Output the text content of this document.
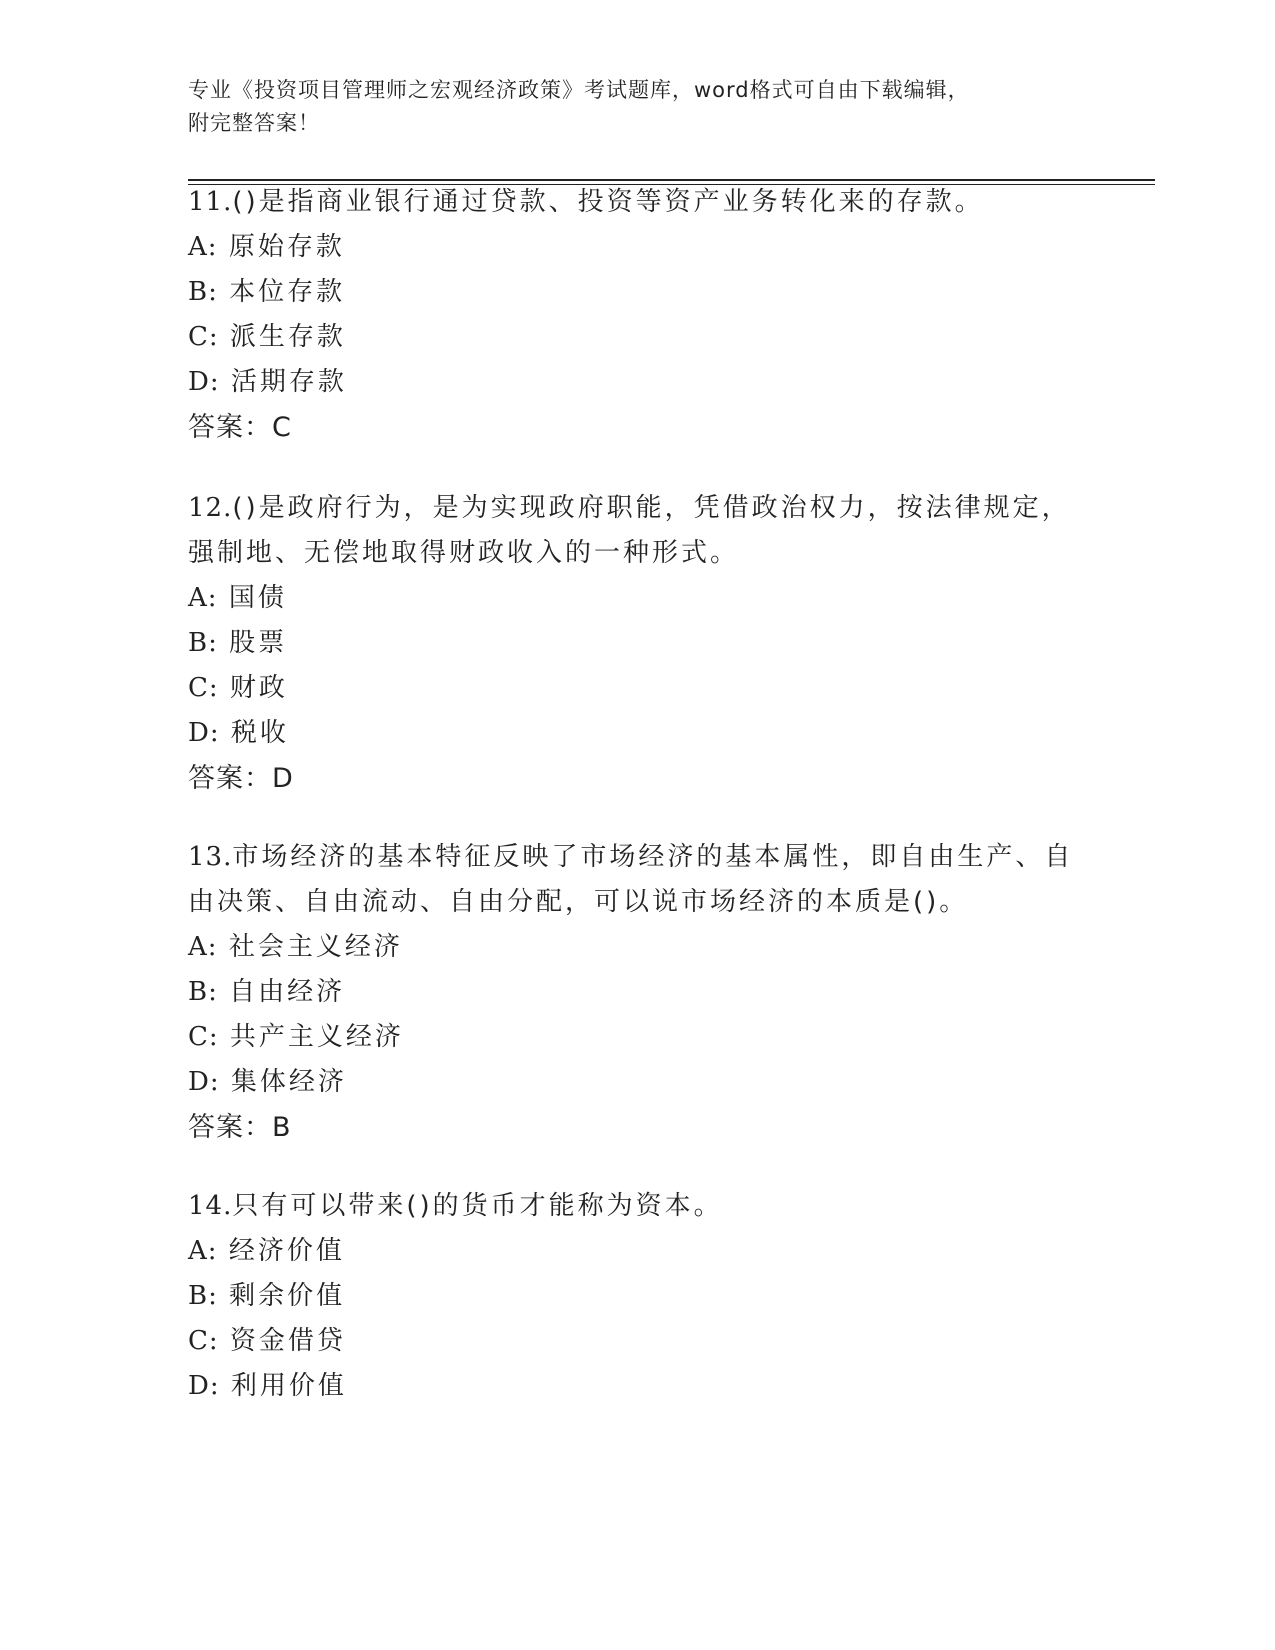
专业《投资项目管理师之宏观经济政策》考试题库，word格式可自由下载编辑，
附完整答案！
11.()是指商业银行通过贷款、投资等资产业务转化来的存款。
A: 原始存款
B: 本位存款
C: 派生存款
D: 活期存款
答案：C
12.()是政府行为，是为实现政府职能，凭借政治权力，按法律规定，
强制地、无偿地取得财政收入的一种形式。
A: 国债
B: 股票
C: 财政
D: 税收
答案：D
13.市场经济的基本特征反映了市场经济的基本属性，即自由生产、自
由决策、自由流动、自由分配，可以说市场经济的本质是()。
A: 社会主义经济
B: 自由经济
C: 共产主义经济
D: 集体经济
答案：B
14.只有可以带来()的货币才能称为资本。
A: 经济价值
B: 剩余价值
C: 资金借贷
D: 利用价值
